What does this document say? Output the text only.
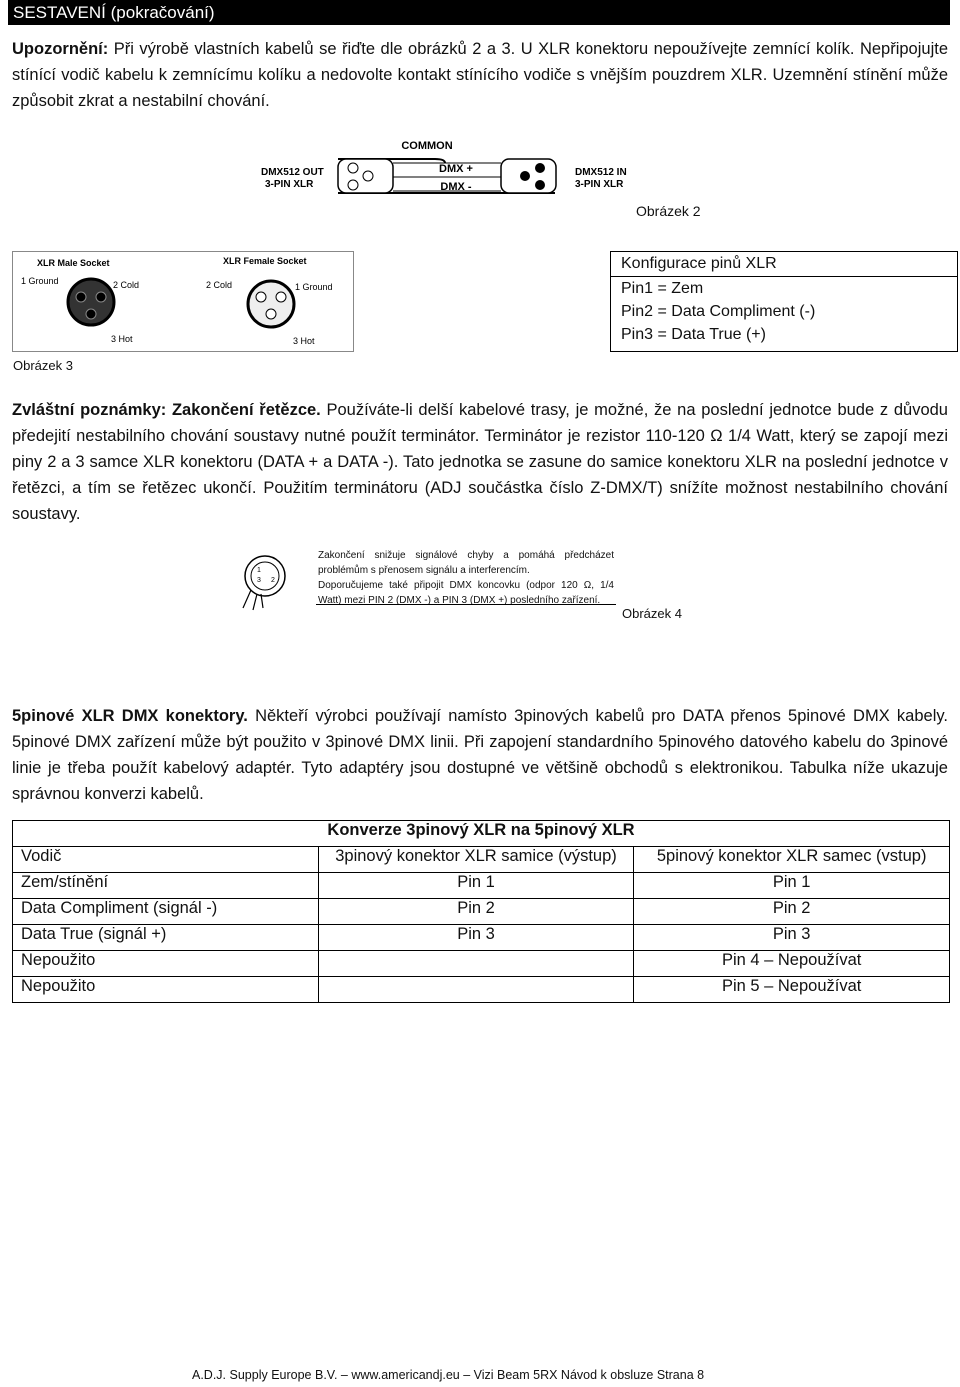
SESTAVENÍ (pokračování)
Upozornění: Při výrobě vlastních kabelů se řiďte dle obrázků 2 a 3. U XLR konektoru nepoužívejte zemnící kolík. Nepřipojujte stínící vodič kabelu k zemnícímu kolíku a nedovolte kontakt stínícího vodiče s vnějším pouzdrem XLR. Uzemnění stínění může způsobit zkrat a nestabilní chování.
COMMON
DMX512 OUT
3-PIN XLR
DMX +
DMX -
DMX512 IN
3-PIN XLR
Obrázek 2
XLR Male Socket	XLR Female Socket
1 Ground	2 Cold
3 Hot
2 Cold	1 Ground
3 Hot
Obrázek 3
Konfigurace pinů XLR
Pin1 = Zem
Pin2 = Data Compliment (-)
Pin3 = Data True (+)
Zvláštní poznámky: Zakončení řetězce. Používáte-li delší kabelové trasy, je možné, že na poslední jednotce bude z důvodu předejití nestabilního chování soustavy nutné použít terminátor. Terminátor je rezistor 110-120 Ω 1/4 Watt, který se zapojí mezi piny 2 a 3 samce XLR konektoru (DATA + a DATA -). Tato jednotka se zasune do samice konektoru XLR na poslední jednotce v řetězci, a tím se řetězec ukončí. Použitím terminátoru (ADJ součástka číslo Z-DMX/T) snížíte možnost nestabilního chování soustavy.
1
3 2
Zakončení snižuje signálové chyby a pomáhá předcházet problémům s přenosem signálu a interferencím.
Doporučujeme také připojit DMX koncovku (odpor 120 Ω, 1/4 Watt) mezi PIN 2 (DMX -) a PIN 3 (DMX +) posledního zařízení.
Obrázek 4
5pinové XLR DMX konektory. Někteří výrobci používají namísto 3pinových kabelů pro DATA přenos 5pinové DMX kabely. 5pinové DMX zařízení může být použito v 3pinové DMX linii. Při zapojení standardního 5pinového datového kabelu do 3pinové linie je třeba použít kabelový adaptér. Tyto adaptéry jsou dostupné ve většině obchodů s elektronikou. Tabulka níže ukazuje správnou konverzi kabelů.
Konverze 3pinový XLR na 5pinový XLR		
Vodič	3pinový konektor XLR samice (výstup)	5pinový konektor XLR samec (vstup)
Zem/stínění	Pin 1	Pin 1
Data Compliment (signál -)	Pin 2	Pin 2
Data True (signál +)	Pin 3	Pin 3
Nepoužito		Pin 4 – Nepoužívat
Nepoužito		Pin 5 – Nepoužívat
A.D.J. Supply Europe B.V. – www.americandj.eu – Vizi Beam 5RX Návod k obsluze Strana 8
